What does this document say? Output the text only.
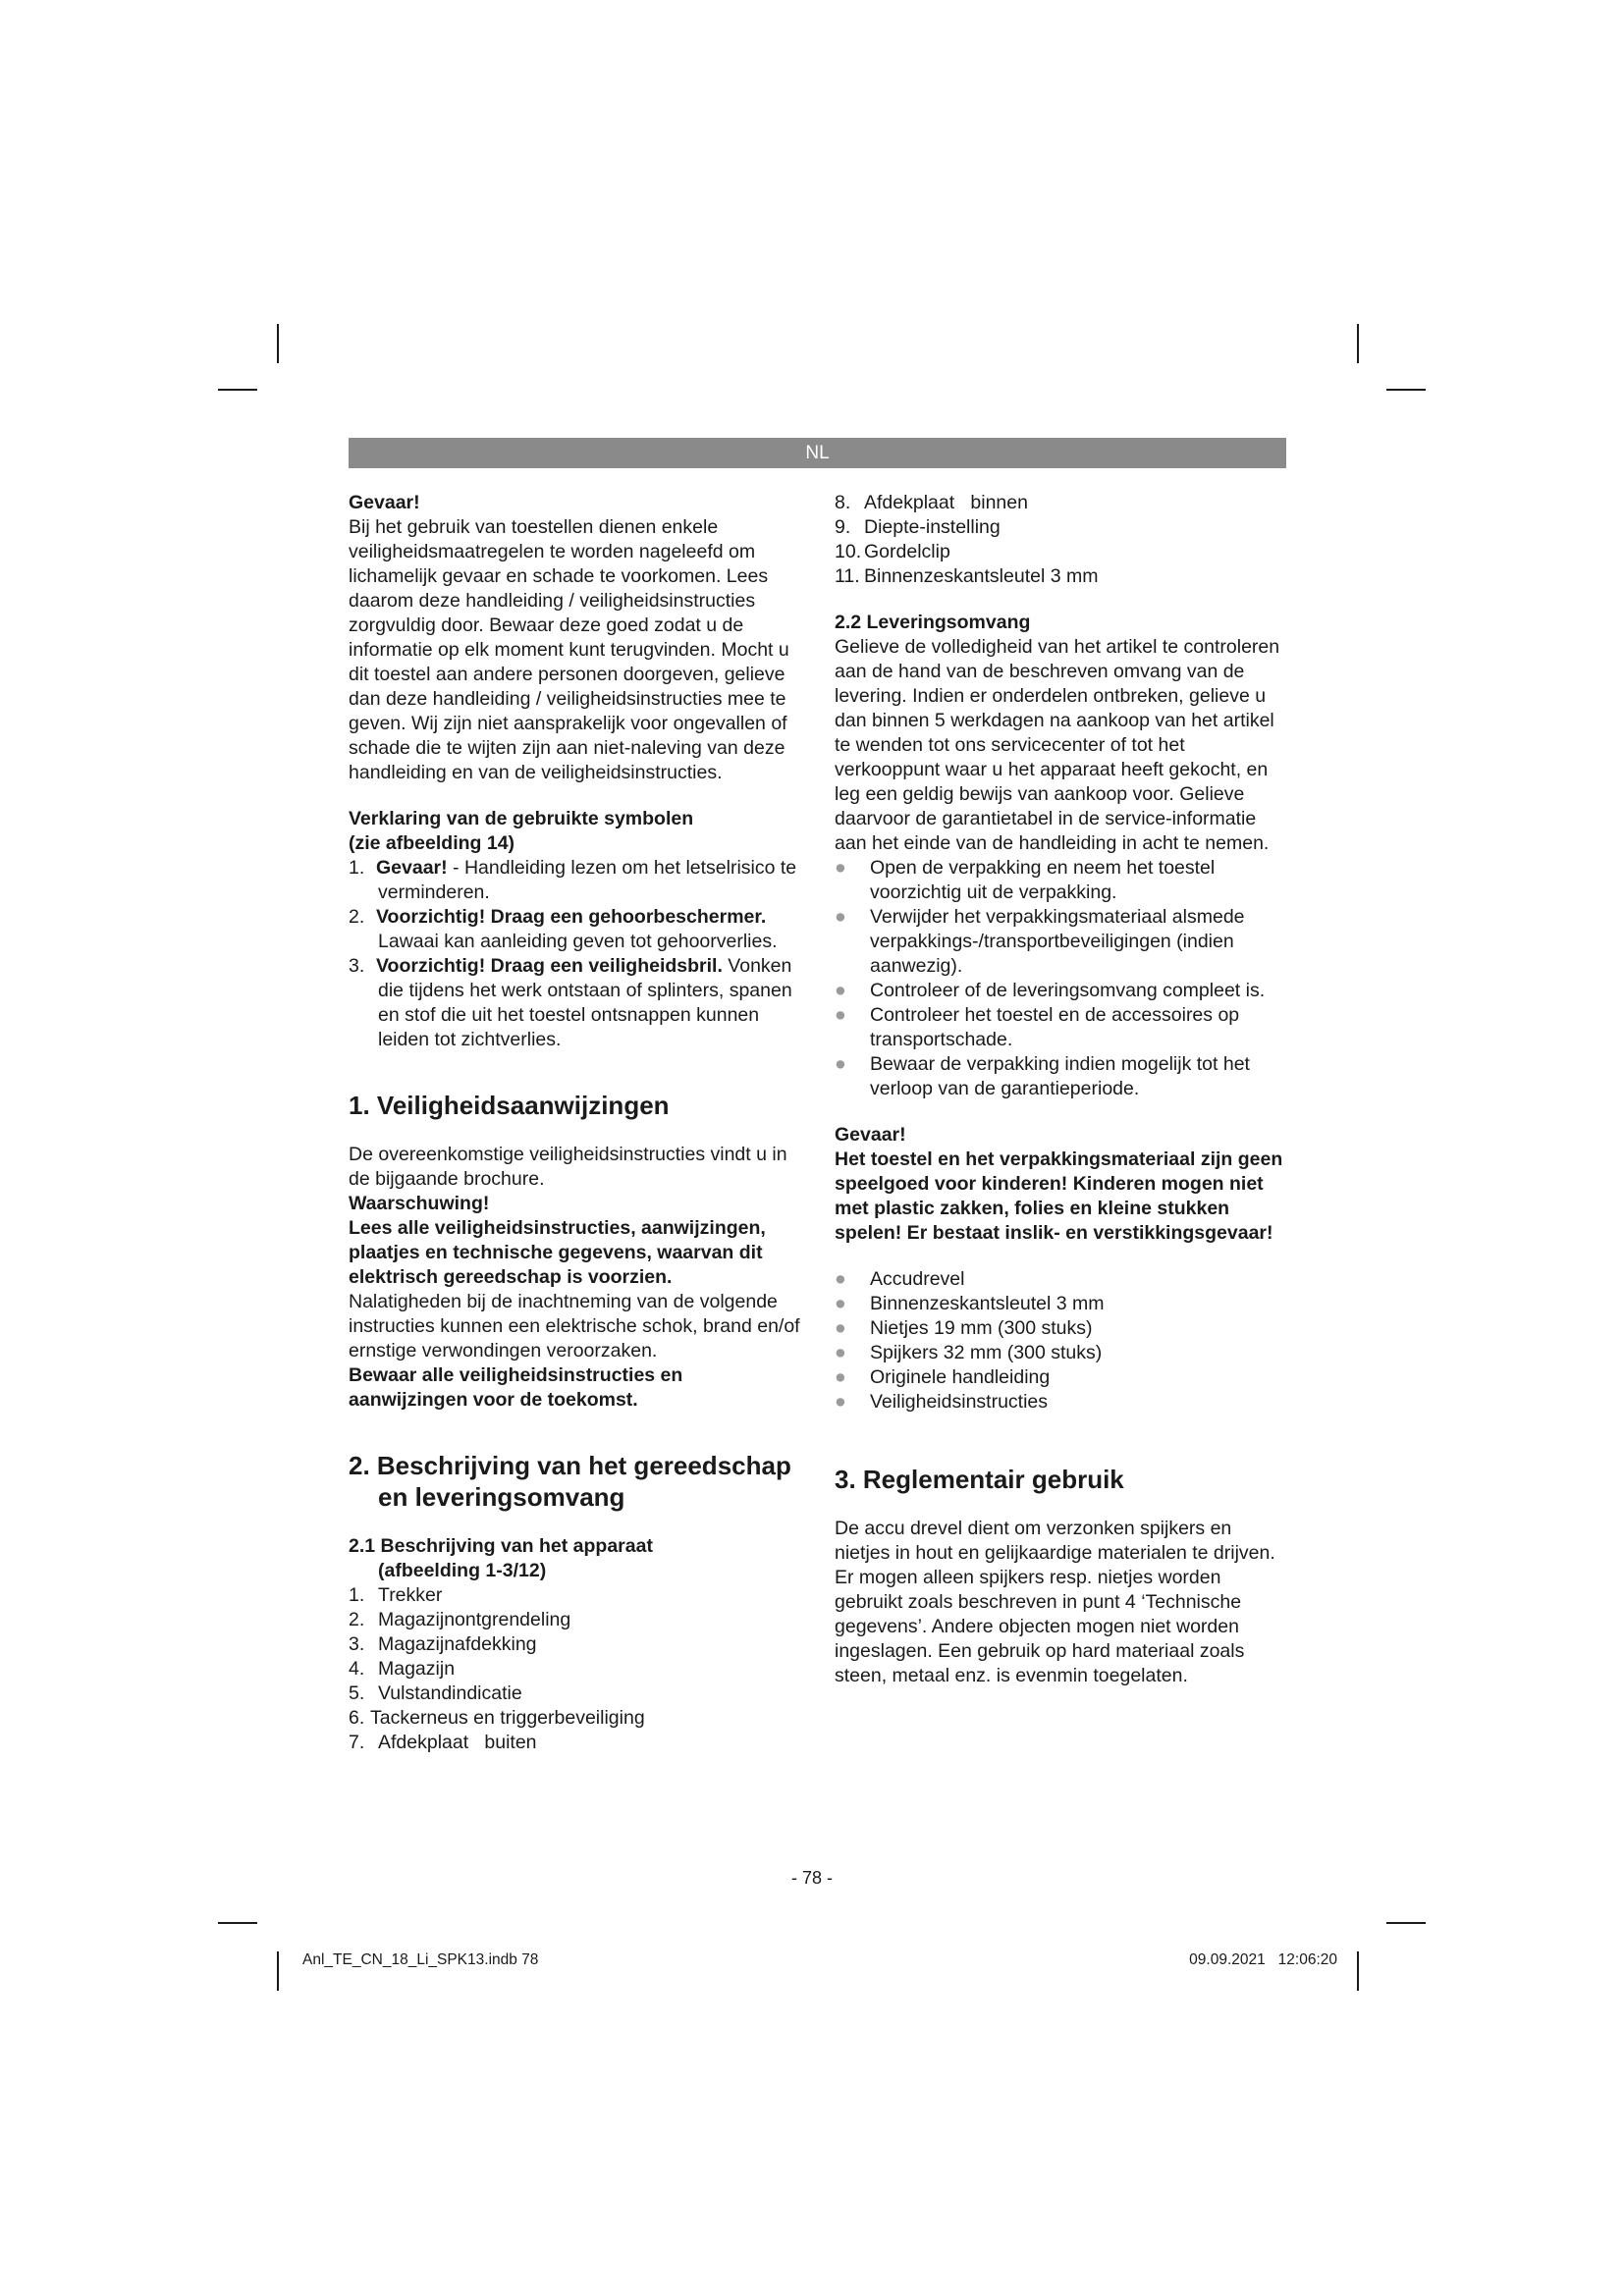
NL

Gevaar!

Bij het gebruik van toestellen dienen enkele veiligheidsmaatregelen te worden nageleefd om lichamelijk gevaar en schade te voorkomen. Lees daarom deze handleiding / veiligheidsinstructies zorgvuldig door. Bewaar deze goed zodat u de informatie op elk moment kunt terugvinden. Mocht u dit toestel aan andere personen doorgeven, gelieve dan deze handleiding / veiligheidsinstructies mee te geven. Wij zijn niet aansprakelijk voor ongevallen of schade die te wijten zijn aan niet-naleving van deze handleiding en van de veiligheidsinstructies.

Verklaring van de gebruikte symbolen

(zie afbeelding 14)

1. Gevaar! - Handleiding lezen om het letselrisico te verminderen.
2. Voorzichtig! Draag een gehoorbeschermer. Lawaai kan aanleiding geven tot gehoorverlies.
3. Voorzichtig! Draag een veiligheidsbril. Vonken die tijdens het werk ontstaan of splinters, spanen en stof die uit het toestel ontsnappen kunnen leiden tot zichtverlies.

1. Veiligheidsaanwijzingen

De overeenkomstige veiligheidsinstructies vindt u in de bijgaande brochure.

Waarschuwing!

Lees alle veiligheidsinstructies, aanwijzingen, plaatjes en technische gegevens, waarvan dit elektrisch gereedschap is voorzien.

Nalatigheden bij de inachtneming van de volgende instructies kunnen een elektrische schok, brand en/of ernstige verwondingen veroorzaken.

Bewaar alle veiligheidsinstructies en aanwijzingen voor de toekomst.

2. Beschrijving van het gereedschap en leveringsomvang

2.1 Beschrijving van het apparaat

(afbeelding 1-3/12)

1. Trekker
2. Magazijnontgrendeling
3. Magazijnafdekking
4. Magazijn
5. Vulstandindicatie
6. Tackerneus en triggerbeveiliging
7. Afdekplaat   buiten
8. Afdekplaat   binnen
9. Diepte-instelling
10. Gordelclip
11. Binnenzeskantsleutel 3 mm

2.2 Leveringsomvang

Gelieve de volledigheid van het artikel te controleren aan de hand van de beschreven omvang van de levering. Indien er onderdelen ontbreken, gelieve u dan binnen 5 werkdagen na aankoop van het artikel te wenden tot ons servicecenter of tot het verkooppunt waar u het apparaat heeft gekocht, en leg een geldig bewijs van aankoop voor. Gelieve daarvoor de garantietabel in de service-informatie aan het einde van de handleiding in acht te nemen.

● Open de verpakking en neem het toestel voorzichtig uit de verpakking.
● Verwijder het verpakkingsmateriaal alsmede verpakkings-/transportbeveiligingen (indien aanwezig).
● Controleer of de leveringsomvang compleet is.
● Controleer het toestel en de accessoires op transportschade.
● Bewaar de verpakking indien mogelijk tot het verloop van de garantieperiode.

Gevaar!

Het toestel en het verpakkingsmateriaal zijn geen speelgoed voor kinderen! Kinderen mogen niet met plastic zakken, folies en kleine stukken spelen! Er bestaat inslik- en verstikkingsgevaar!

● Accudrevel
● Binnenzeskantsleutel 3 mm
● Nietjes 19 mm (300 stuks)
● Spijkers 32 mm (300 stuks)
● Originele handleiding
● Veiligheidsinstructies

3. Reglementair gebruik

De accu drevel dient om verzonken spijkers en nietjes in hout en gelijkaardige materialen te drijven. Er mogen alleen spijkers resp. nietjes worden gebruikt zoals beschreven in punt 4 ‘Technische gegevens’. Andere objecten mogen niet worden ingeslagen. Een gebruik op hard materiaal zoals steen, metaal enz. is evenmin toegelaten.

- 78 -
Anl_TE_CN_18_Li_SPK13.indb 78	09.09.2021   12:06:20
